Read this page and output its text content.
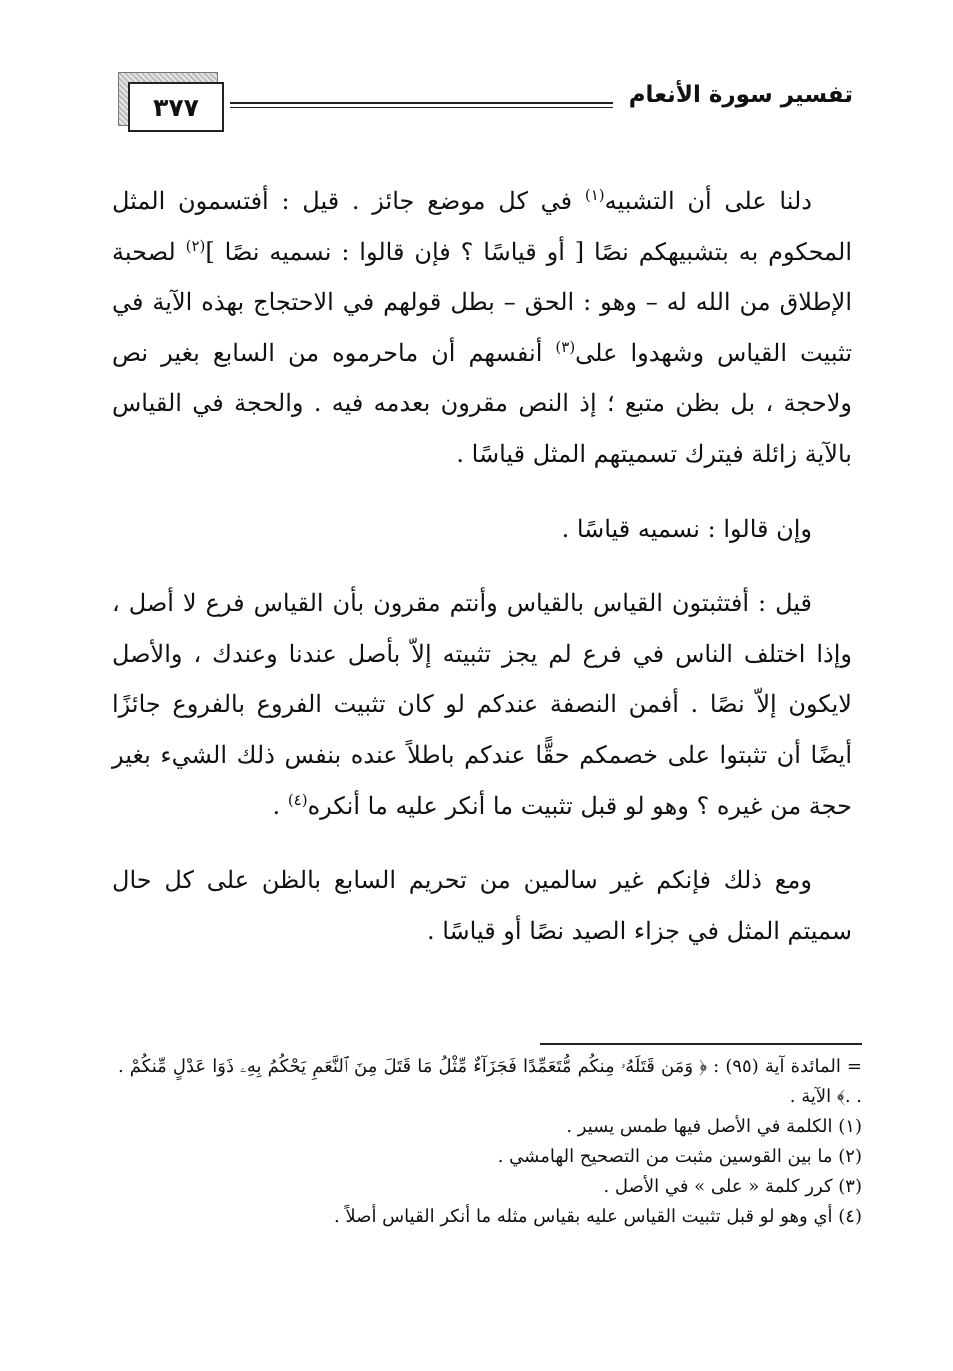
٣٧٧	تفسير سورة الأنعام

دلنا على أن التشبيه$^{(١)}$ في كل موضع جائز . قيل : أفتسمون المثل المحكوم به بتشبيهكم نصًا [ أو قياسًا ؟ فإن قالوا : نسميه نصًا ]$^{(٢)}$ لصحبة الإطلاق من الله له – وهو : الحق – بطل قولهم في الاحتجاج بهذه الآية في تثبيت القياس وشهدوا على$^{(٣)}$ أنفسهم أن ماحرموه من السابع بغير نص ولاحجة ، بل بظن متبع ؛ إذ النص مقرون بعدمه فيه . والحجة في القياس بالآية زائلة فيترك تسميتهم المثل قياسًا .

وإن قالوا : نسميه قياسًا .

قيل : أفتثبتون القياس بالقياس وأنتم مقرون بأن القياس فرع لا أصل ، وإذا اختلف الناس في فرع لم يجز تثبيته إلاّ بأصل عندنا وعندك ، والأصل لايكون إلاّ نصًا . أفمن النصفة عندكم لو كان تثبيت الفروع بالفروع جائزًا أيضًا أن تثبتوا على خصمكم حقًّا عندكم باطلاً عنده بنفس ذلك الشيء بغير حجة من غيره ؟ وهو لو قبل تثبيت ما أنكر عليه ما أنكره$^{(٤)}$ .

ومع ذلك فإنكم غير سالمين من تحريم السابع بالظن على كل حال سميتم المثل في جزاء الصيد نصًا أو قياسًا .

= المائدة آية (٩٥) : ﴿ وَمَن قَتَلَهُۥ مِنكُم مُّتَعَمِّدًا فَجَزَآءٌ مِّثْلُ مَا قَتَلَ مِنَ ٱلنَّعَمِ يَحْكُمُ بِهِۦ ذَوَا عَدْلٍ مِّنكُمْ . . .﴾ الآية .
(١) الكلمة في الأصل فيها طمس يسير .
(٢) ما بين القوسين مثبت من التصحيح الهامشي .
(٣) كرر كلمة « على » في الأصل .
(٤) أي وهو لو قبل تثبيت القياس عليه بقياس مثله ما أنكر القياس أصلاً .
